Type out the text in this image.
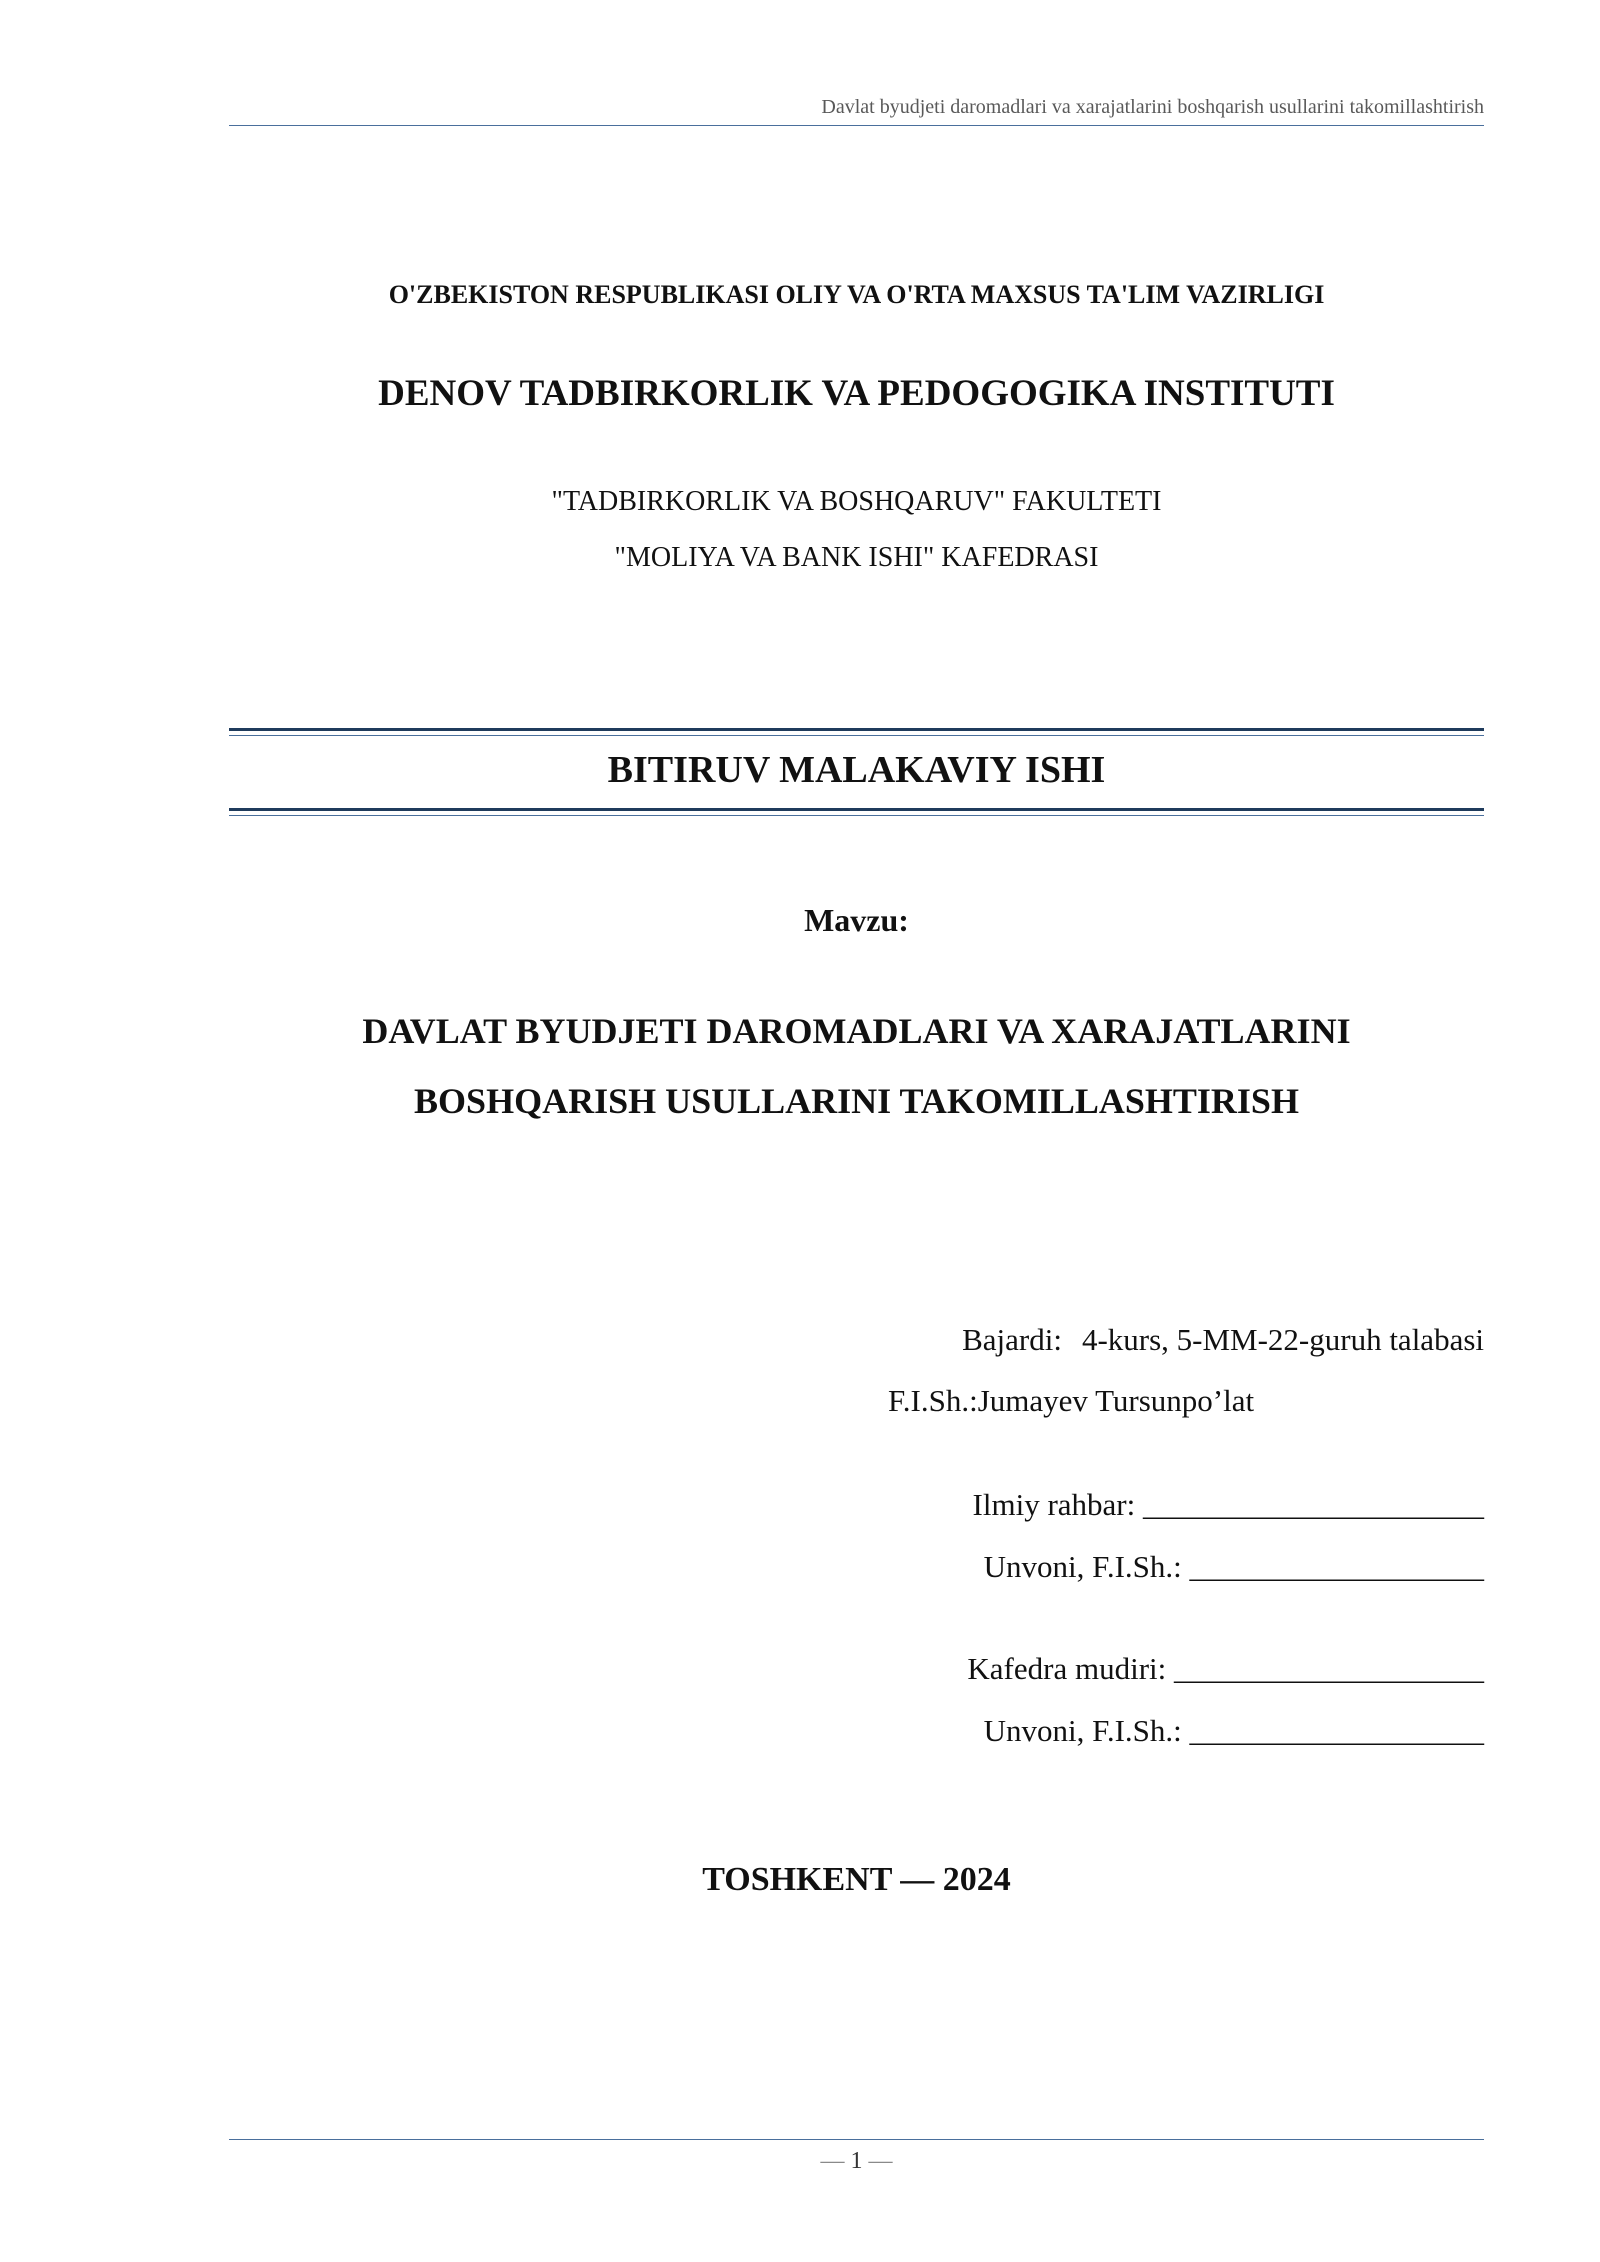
Davlat byudjeti daromadlari va xarajatlarini boshqarish usullarini takomillashtirish
O'ZBEKISTON RESPUBLIKASI OLIY VA O'RTA MAXSUS TA'LIM VAZIRLIGI
DENOV TADBIRKORLIK VA PEDOGOGIKA INSTITUTI
"TADBIRKORLIK VA BOSHQARUV" FAKULTETI
"MOLIYA VA BANK ISHI" KAFEDRASI
BITIRUV MALAKAVIY ISHI
Mavzu:
DAVLAT BYUDJETI DAROMADLARI VA XARAJATLARINI
BOSHQARISH USULLARINI TAKOMILLASHTIRISH
Bajardi: 4-kurs, 5-MM-22-guruh talabasi
F.I.Sh.:Jumayev Tursunpo’lat
Ilmiy rahbar: ______________________
Unvoni, F.I.Sh.: ___________________
Kafedra mudiri: ____________________
Unvoni, F.I.Sh.: ___________________
TOSHKENT — 2024
— 1 —
